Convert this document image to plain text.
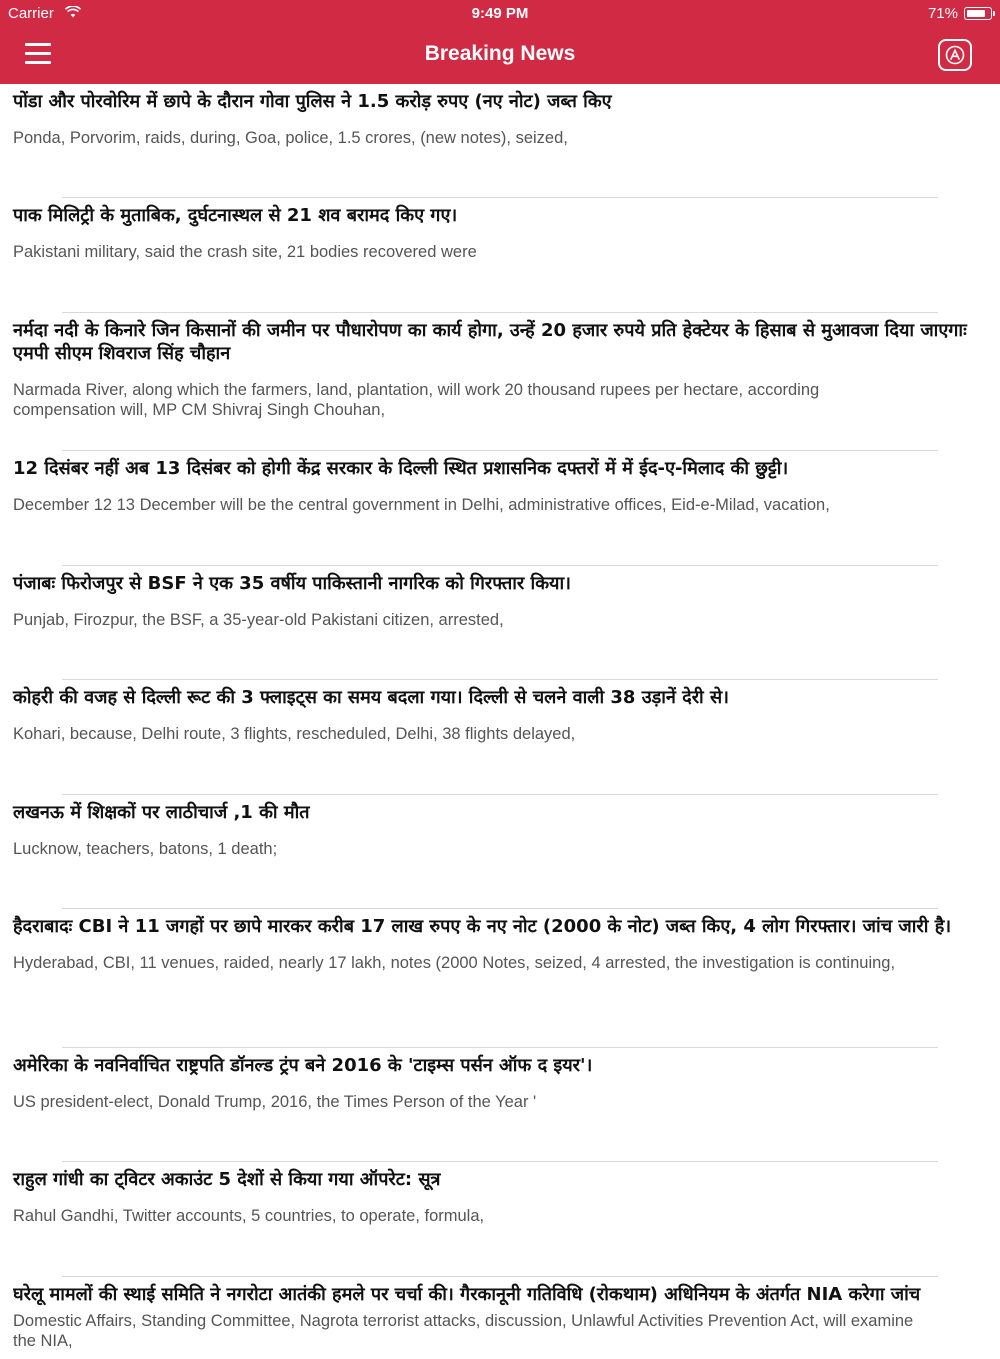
Carrier	9:49 PM	71%
Breaking News
पोंडा और पोरवोरिम में छापे के दौरान गोवा पुलिस ने 1.5 करोड़ रुपए (नए नोट) जब्त किए
Ponda, Porvorim, raids, during, Goa, police, 1.5 crores, (new notes), seized,
पाक मिलिट्री के मुताबिक, दुर्घटनास्थल से 21 शव बरामद किए गए।
Pakistani military, said the crash site, 21 bodies recovered were
नर्मदा नदी के किनारे जिन किसानों की जमीन पर पौधारोपण का कार्य होगा, उन्हें 20 हजार रुपये प्रति हेक्टेयर के हिसाब से मुआवजा दिया जाएगाः एमपी सीएम शिवराज सिंह चौहान
Narmada River, along which the farmers, land, plantation, will work 20 thousand rupees per hectare, according compensation will, MP CM Shivraj Singh Chouhan,
12 दिसंबर नहीं अब 13 दिसंबर को होगी केंद्र सरकार के दिल्ली स्थित प्रशासनिक दफ्तरों में में ईद-ए-मिलाद की छुट्टी।
December 12 13 December will be the central government in Delhi, administrative offices, Eid-e-Milad, vacation,
पंजाबः फिरोजपुर से BSF ने एक 35 वर्षीय पाकिस्तानी नागरिक को गिरफ्तार किया।
Punjab, Firozpur, the BSF, a 35-year-old Pakistani citizen, arrested,
कोहरी की वजह से दिल्ली रूट की 3 फ्लाइट्स का समय बदला गया। दिल्ली से चलने वाली 38 उड़ानें देरी से।
Kohari, because, Delhi route, 3 flights, rescheduled, Delhi, 38 flights delayed,
लखनऊ में शिक्षकों पर लाठीचार्ज ,1 की मौत
Lucknow, teachers, batons, 1 death;
हैदराबादः CBI ने 11 जगहों पर छापे मारकर करीब 17 लाख रुपए के नए नोट (2000 के नोट) जब्त किए, 4 लोग गिरफ्तार। जांच जारी है।
Hyderabad, CBI, 11 venues, raided, nearly 17 lakh, notes (2000 Notes, seized, 4 arrested, the investigation is continuing,
अमेरिका के नवनिर्वाचित राष्ट्रपति डॉनल्ड ट्रंप बने 2016 के 'टाइम्स पर्सन ऑफ द इयर'।
US president-elect, Donald Trump, 2016, the Times Person of the Year '
राहुल गांधी का ट्विटर अकाउंट 5 देशों से किया गया ऑपरेट: सूत्र
Rahul Gandhi, Twitter accounts, 5 countries, to operate, formula,
घरेलू मामलों की स्थाई समिति ने नगरोटा आतंकी हमले पर चर्चा की। गैरकानूनी गतिविधि (रोकथाम) अधिनियम के अंतर्गत NIA करेगा जांच
Domestic Affairs, Standing Committee, Nagrota terrorist attacks, discussion, Unlawful Activities Prevention Act, will examine the NIA,
